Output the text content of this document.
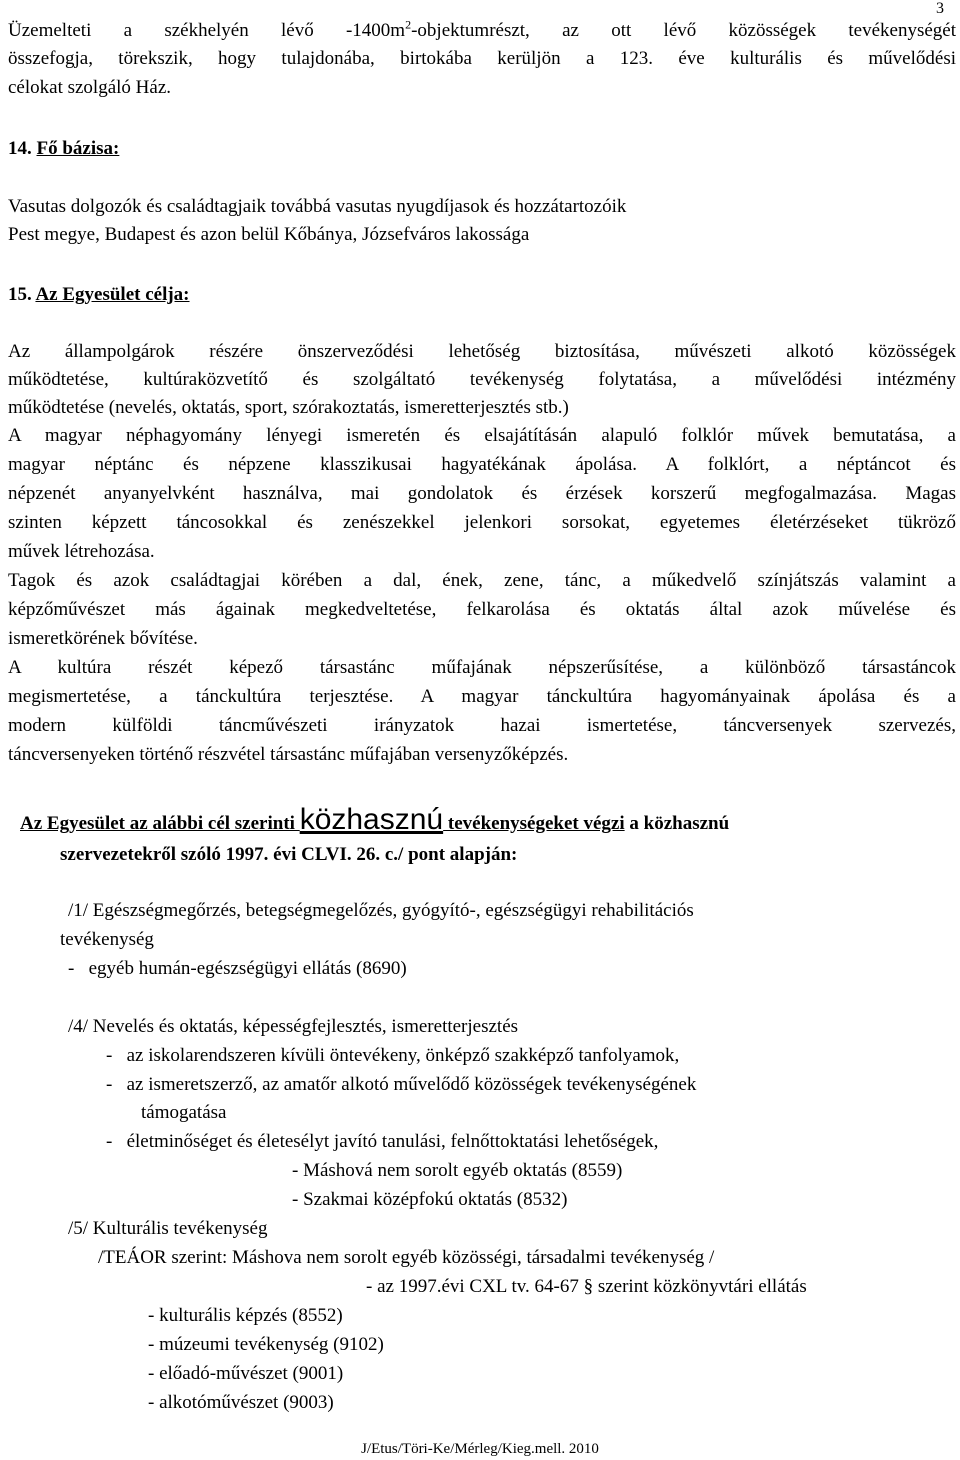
3
Üzemelteti a székhelyén lévő $-1400m^2$-objektumrészt, az ott lévő közösségek tevékenységét
összefogja, törekszik, hogy tulajdonába, birtokába kerüljön a 123. éve kulturális és művelődési
célokat szolgáló Ház.
14. Fő bázisa:
Vasutas dolgozók és családtagjaik továbbá vasutas nyugdíjasok és hozzátartozóik
Pest megye, Budapest és azon belül Kőbánya, Józsefváros lakossága
15. Az Egyesület célja:
Az állampolgárok részére önszerveződési lehetőség biztosítása, művészeti alkotó közösségek
működtetése, kultúraközvetítő és szolgáltató tevékenység folytatása, a művelődési intézmény
működtetése (nevelés, oktatás, sport, szórakoztatás, ismeretterjesztés stb.)
A magyar néphagyomány lényegi ismeretén és elsajátításán alapuló folklór művek bemutatása, a
magyar néptánc és népzene klasszikusai hagyatékának ápolása. A folklórt, a néptáncot és
népzenét anyanyelvként használva, mai gondolatok és érzések korszerű megfogalmazása. Magas
szinten képzett táncosokkal és zenészekkel jelenkori sorsokat, egyetemes életérzéseket tükröző
művek létrehozása.
Tagok és azok családtagjai körében a dal, ének, zene, tánc, a műkedvelő színjátszás valamint a
képzőművészet más ágainak megkedveltetése, felkarolása és oktatás által azok művelése és
ismeretkörének bővítése.
A kultúra részét képező társastánc műfajának népszerűsítése, a különböző társastáncok
megismertetése, a tánckultúra terjesztése. A magyar tánckultúra hagyományainak ápolása és a
modern külföldi táncművészeti irányzatok hazai ismertetése, táncversenyek szervezés,
táncversenyeken történő részvétel társastánc műfajában versenyzőképzés.
Az Egyesület az alábbi cél szerinti közhasznú tevékenységeket végzi a közhasznú
szervezetekről szóló 1997. évi CLVI. 26. c./ pont alapján:
/1/ Egészségmegőrzés, betegségmegelőzés, gyógyító-, egészségügyi rehabilitációs
tevékenység
-   egyéb humán-egészségügyi ellátás (8690)
/4/ Nevelés és oktatás, képességfejlesztés, ismeretterjesztés
-   az iskolarendszeren kívüli öntevékeny, önképző szakképző tanfolyamok,
-   az ismeretszerző, az amatőr alkotó művelődő közösségek tevékenységének
támogatása
-   életminőséget és életesélyt javító tanulási, felnőttoktatási lehetőségek,
- Máshová nem sorolt egyéb oktatás (8559)
- Szakmai középfokú oktatás (8532)
/5/ Kulturális tevékenység
/TEÁOR szerint: Máshova nem sorolt egyéb közösségi, társadalmi tevékenység /
- az 1997.évi CXL tv. 64-67 § szerint közkönyvtári ellátás
- kulturális képzés (8552)
- múzeumi tevékenység (9102)
- előadó-művészet (9001)
- alkotóművészet (9003)
J/Etus/Töri-Ke/Mérleg/Kieg.mell. 2010
